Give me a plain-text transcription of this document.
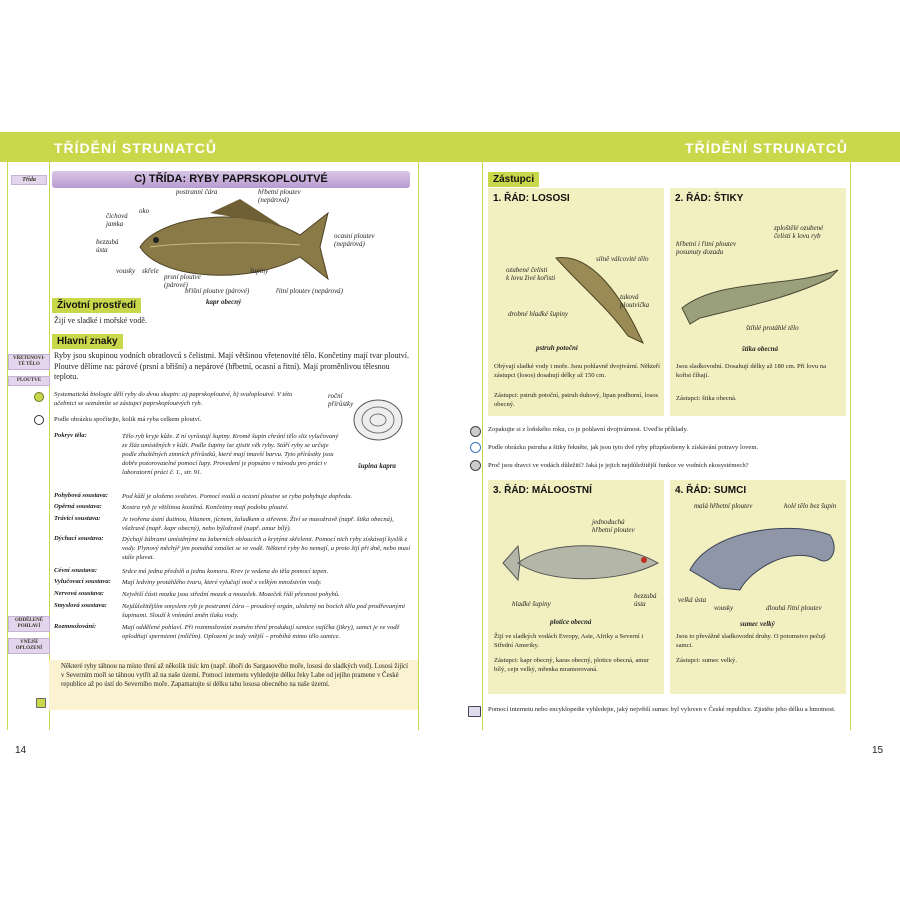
TŘÍDĚNÍ STRUNATCŮ	TŘÍDĚNÍ STRUNATCŮ
Třída	C) TŘÍDA: RYBY PAPRSKOPLOUTVÉ
postranní čára	hřbetní ploutev
(nepárová)
čichová
jamka
oko
ocasní ploutev
(nepárová)
bezzubá
ústa
vousky skřele
prsní ploutve
(párové)
šupiny
břišní ploutve (párové)	řitní ploutev (nepárová)
kapr obecný
Životní prostředí
Žijí ve sladké i mořské vodě.
Hlavní znaky
VŘETENOVI-
TÉ TĚLO
PLOUTVE
Ryby jsou skupinou vodních obratlovců s čelistmi. Mají většinou vřetenovité tělo. Končetiny mají tvar ploutví. Ploutve dělíme na: párové (prsní a břišní) a nepárové (hřbetní, ocasní a řitní). Mají proměnlivou tělesnou teplotu.
Systematická biologie dělí ryby do dvou skupin: a) paprskoploutvé, b) svaloploutvé. V této učebnici se seznámíte se zástupci paprskoploutvých ryb.
roční
přírůstky
šupina kapra
Podle obrázku spočítejte, kolik má ryba celkem ploutví.
Pokryv těla:	Tělo ryb kryje kůže. Z ní vyrůstají šupiny. Kromě šupin chrání tělo sliz vylučovaný ze žláz umístěných v kůži. Podle šupiny lze zjistit věk ryby. Stáří ryby se určuje podle zhuštěných zimních přírůstků, které mají tmavší barvu. Tyto přírůstky jsou dobře pozorovatelné pomocí lupy. Provedení je popsáno v návodu pro práci v laboratorní práci č. 1., str. 91.
Pohybová soustava: Pod kůží je uloženo svalstvo. Pomocí svalů a ocasní ploutve se ryba pohybuje dopředu.
Opěrná soustava:	Kostra ryb je většinou kostěná. Končetiny mají podobu ploutví.
Trávicí soustava:	Je tvořena ústní dutinou, hltanem, jícnem, žaludkem a střevem. Živí se masožravě (např. štika obecná), všežravě (např. kapr obecný), nebo býložravě (např. amur bílý).
Dýchací soustava:	Dýchají žábrami umístěnými na žaberních obloucích a krytými skřelemi. Pomocí nich ryby získávají kyslík z vody. Plynový měchýř jim pomáhá vznášet se ve vodě. Některé ryby ho nemají, a proto žijí při dně, nebo musí stále plavat.
Cévní soustava:	Srdce má jednu předsíň a jednu komoru. Krev je vedena do těla pomocí tepen.
Vylučovací soustava: Mají ledviny protáhlého tvaru, které vylučují moč s velkým množstvím vody.
Nervová soustava:	Největší části mozku jsou střední mozek a mozeček. Mozeček řídí přesnost pohybů.
Smyslová soustava: Nejdůležitějším smyslem ryb je postranní čára – proudový orgán, uložený na bocích těla pod prodřevanými šupinami. Slouží k vnímání změn tlaku vody.
Rozmnožování:	Mají oddělené pohlaví. Při rozmnožování zvaném tření produkují samice vajíčka (jikry), samci je ve vodě oplodňují spermiemi (mlíčím). Oplození je tedy vnější – probíhá mimo tělo samice.
ODDĚLENÉ
POHLAVÍ
VNĚJŠÍ
OPLOZENÍ
Některé ryby táhnou na místo tření až několik tisíc km (např. úhoři do Sargasového moře, lososi do sladkých vod). Lososi žijící v Severním moři se táhnou vytřít až na naše území. Pomocí internetu vyhledejte délku řeky Labe od jejího pramene v České republice až po ústí do Severního moře. Zapamatujte si délku tahu lososa obecného na naše území.
14
Zástupci
1. ŘÁD: LOSOSI
ozubené čelisti
k lovu živé kořisti
silně válcovité tělo
tuková
ploutvička
drobné hladké šupiny
pstruh potoční
Obývají sladké vody i moře. Jsou pohlavně dvojtvární. Někteří zástupci (losos) dosahují délky až 150 cm.
Zástupci: pstruh potoční, pstruh duhový, lipan podhorní, losos obecný.
2. ŘÁD: ŠTIKY
zploštělé ozubené
čelisti k lovu ryb
hřbetní i řitní ploutev
posunuty dozadu
štíhlé protáhlé tělo
štika obecná
Jsou sladkovodní. Dosahují délky až 180 cm. Při lovu na kořist číhají.
Zástupci: štika obecná.
Zopakujte si z loňského roku, co je pohlavní dvojtvárnost. Uveďte příklady.
Podle obrázku pstruha a štiky řekněte, jak jsou tyto dvě ryby přizpůsobeny k získávání potravy lovem.
Proč jsou dravci ve vodách důležití? Jaká je jejich nejdůležitější funkce ve vodních ekosystémech?
3. ŘÁD: MÁLOOSTNÍ
jednoduchá
hřbetní ploutev
hladké šupiny
bezzubá
ústa
plotice obecná
Žijí ve sladkých vodách Evropy, Asie, Afriky a Severní i Střední Ameriky.
Zástupci: kapr obecný, karas obecný, plotice obecná, amur bílý, cejn velký, mřenka mramorovaná.
4. ŘÁD: SUMCI
malá hřbetní ploutev	holé tělo bez šupin
velká ústa
vousky	dlouhá řitní ploutev
sumec velký
Jsou to převážně sladkovodní druhy. O potomstvo pečují samci.
Zástupci: sumec velký.
Pomocí internetu nebo encyklopedie vyhledejte, jaký největší sumec byl vyloven v České republice. Zjistěte jeho délku a hmotnost.
15
